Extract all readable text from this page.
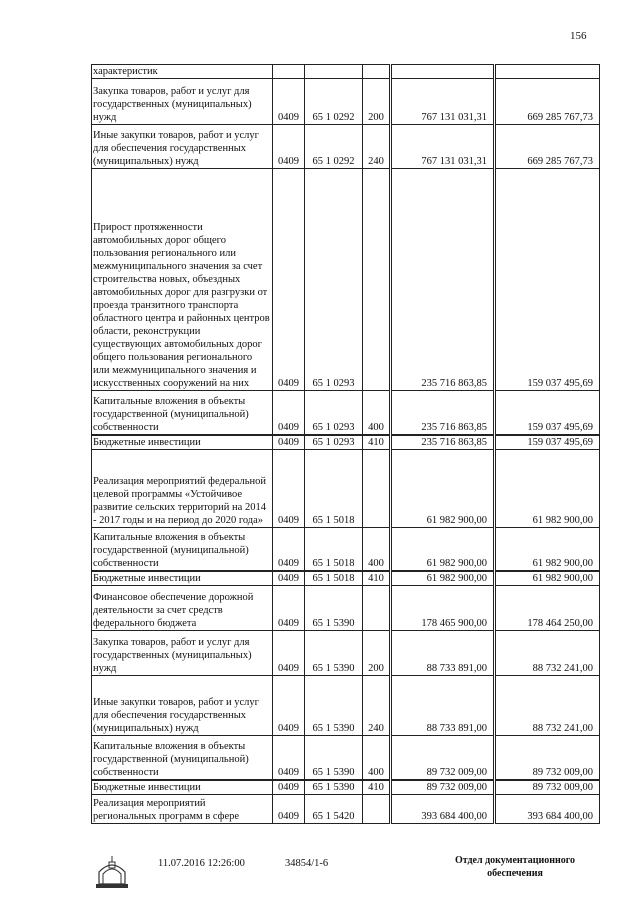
156
характеристик					
Закупка товаров, работ и услуг для государственных (муниципальных) нужд	0409	65 1 0292	200	767 131 031,31	669 285 767,73
Иные закупки товаров, работ и услуг для обеспечения государственных (муниципальных) нужд	0409	65 1 0292	240	767 131 031,31	669 285 767,73
Прирост протяженности автомобильных дорог общего пользования регионального или межмуниципального значения за счет строительства новых, объездных автомобильных дорог для разгрузки от проезда транзитного транспорта областного центра и районных центров области, реконструкции существующих автомобильных дорог общего пользования регионального или межмуниципального значения и искусственных сооружений на них	0409	65 1 0293		235 716 863,85	159 037 495,69
Капитальные вложения в объекты государственной (муниципальной) собственности	0409	65 1 0293	400	235 716 863,85	159 037 495,69
Бюджетные инвестиции	0409	65 1 0293	410	235 716 863,85	159 037 495,69
Реализация мероприятий федеральной целевой программы «Устойчивое развитие сельских территорий на 2014 - 2017 годы и на период до 2020 года»	0409	65 1 5018		61 982 900,00	61 982 900,00
Капитальные вложения в объекты государственной (муниципальной) собственности	0409	65 1 5018	400	61 982 900,00	61 982 900,00
Бюджетные инвестиции	0409	65 1 5018	410	61 982 900,00	61 982 900,00
Финансовое обеспечение дорожной деятельности за счет средств федерального бюджета	0409	65 1 5390		178 465 900,00	178 464 250,00
Закупка товаров, работ и услуг для государственных (муниципальных) нужд	0409	65 1 5390	200	88 733 891,00	88 732 241,00
Иные закупки товаров, работ и услуг для обеспечения государственных (муниципальных) нужд	0409	65 1 5390	240	88 733 891,00	88 732 241,00
Капитальные вложения в объекты государственной (муниципальной) собственности	0409	65 1 5390	400	89 732 009,00	89 732 009,00
Бюджетные инвестиции	0409	65 1 5390	410	89 732 009,00	89 732 009,00
Реализация мероприятий региональных программ в сфере	0409	65 1 5420		393 684 400,00	393 684 400,00
11.07.2016 12:26:00	34854/1-6	Отдел документационного
обеспечения
